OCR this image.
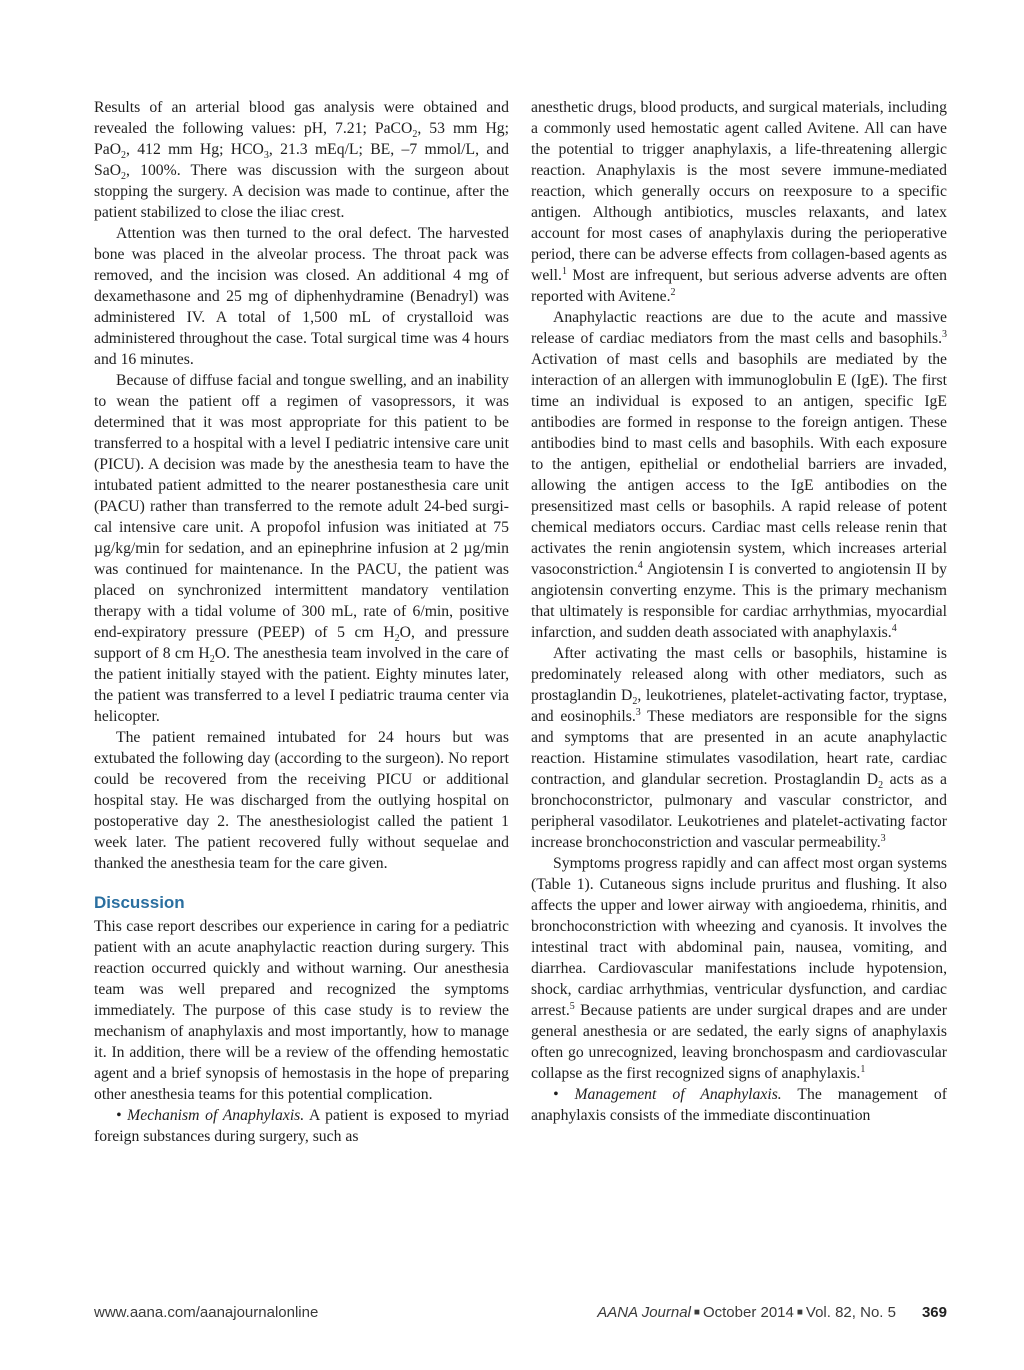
Results of an arterial blood gas analysis were obtained and revealed the following values: pH, 7.21; PaCO$_2$, 53 mm Hg; PaO$_2$, 412 mm Hg; $HCO_3$, 21.3 mEq/L; BE, –7 mmol/L, and SaO$_2$, 100%. There was discussion with the surgeon about stopping the surgery. A decision was made to continue, after the patient stabilized to close the iliac crest.

Attention was then turned to the oral defect. The harvested bone was placed in the alveolar process. The throat pack was removed, and the incision was closed. An additional 4 mg of dexamethasone and 25 mg of diphenhydramine (Benadryl) was administered IV. A total of 1,500 mL of crystalloid was administered throughout the case. Total surgical time was 4 hours and 16 minutes.

Because of diffuse facial and tongue swelling, and an inability to wean the patient off a regimen of vasopressors, it was determined that it was most appropriate for this patient to be transferred to a hospital with a level I pediatric intensive care unit (PICU). A decision was made by the anesthesia team to have the intubated patient admitted to the nearer postanesthesia care unit (PACU) rather than transferred to the remote adult 24-bed surgical intensive care unit. A propofol infusion was initiated at 75 µg/kg/min for sedation, and an epinephrine infusion at 2 µg/min was continued for maintenance. In the PACU, the patient was placed on synchronized intermittent mandatory ventilation therapy with a tidal volume of 300 mL, rate of 6/min, positive end-expiratory pressure (PEEP) of 5 cm $H_2O$, and pressure support of 8 cm $H_2O$. The anesthesia team involved in the care of the patient initially stayed with the patient. Eighty minutes later, the patient was transferred to a level I pediatric trauma center via helicopter.

The patient remained intubated for 24 hours but was extubated the following day (according to the surgeon). No report could be recovered from the receiving PICU or additional hospital stay. He was discharged from the outlying hospital on postoperative day 2. The anesthesiologist called the patient 1 week later. The patient recovered fully without sequelae and thanked the anesthesia team for the care given.

Discussion

This case report describes our experience in caring for a pediatric patient with an acute anaphylactic reaction during surgery. This reaction occurred quickly and without warning. Our anesthesia team was well prepared and recognized the symptoms immediately. The purpose of this case study is to review the mechanism of anaphylaxis and most importantly, how to manage it. In addition, there will be a review of the offending hemostatic agent and a brief synopsis of hemostasis in the hope of preparing other anesthesia teams for this potential complication.

• Mechanism of Anaphylaxis. A patient is exposed to myriad foreign substances during surgery, such as

anesthetic drugs, blood products, and surgical materials, including a commonly used hemostatic agent called Avitene. All can have the potential to trigger anaphylaxis, a life-threatening allergic reaction. Anaphylaxis is the most severe immune-mediated reaction, which generally occurs on reexposure to a specific antigen. Although antibiotics, muscles relaxants, and latex account for most cases of anaphylaxis during the perioperative period, there can be adverse effects from collagen-based agents as well.$^1$ Most are infrequent, but serious adverse advents are often reported with Avitene.$^2$

Anaphylactic reactions are due to the acute and massive release of cardiac mediators from the mast cells and basophils.$^3$ Activation of mast cells and basophils are mediated by the interaction of an allergen with immunoglobulin E (IgE). The first time an individual is exposed to an antigen, specific IgE antibodies are formed in response to the foreign antigen. These antibodies bind to mast cells and basophils. With each exposure to the antigen, epithelial or endothelial barriers are invaded, allowing the antigen access to the IgE antibodies on the presensitized mast cells or basophils. A rapid release of potent chemical mediators occurs. Cardiac mast cells release renin that activates the renin angiotensin system, which increases arterial vasoconstriction.$^4$ Angiotensin I is converted to angiotensin II by angiotensin converting enzyme. This is the primary mechanism that ultimately is responsible for cardiac arrhythmias, myocardial infarction, and sudden death associated with anaphylaxis.$^4$

After activating the mast cells or basophils, histamine is predominately released along with other mediators, such as prostaglandin $D_2$, leukotrienes, platelet-activating factor, tryptase, and eosinophils.$^3$ These mediators are responsible for the signs and symptoms that are presented in an acute anaphylactic reaction. Histamine stimulates vasodilation, heart rate, cardiac contraction, and glandular secretion. Prostaglandin $D_2$ acts as a bronchoconstrictor, pulmonary and vascular constrictor, and peripheral vasodilator. Leukotrienes and platelet-activating factor increase bronchoconstriction and vascular permeability.$^3$

Symptoms progress rapidly and can affect most organ systems (Table 1). Cutaneous signs include pruritus and flushing. It also affects the upper and lower airway with angioedema, rhinitis, and bronchoconstriction with wheezing and cyanosis. It involves the intestinal tract with abdominal pain, nausea, vomiting, and diarrhea. Cardiovascular manifestations include hypotension, shock, cardiac arrhythmias, ventricular dysfunction, and cardiac arrest.$^5$ Because patients are under surgical drapes and are under general anesthesia or are sedated, the early signs of anaphylaxis often go unrecognized, leaving bronchospasm and cardiovascular collapse as the first recognized signs of anaphylaxis.$^1$

• Management of Anaphylaxis. The management of anaphylaxis consists of the immediate discontinuation

www.aana.com/aanajournalonline	AANA Journal ■ October 2014 ■ Vol. 82, No. 5 369
